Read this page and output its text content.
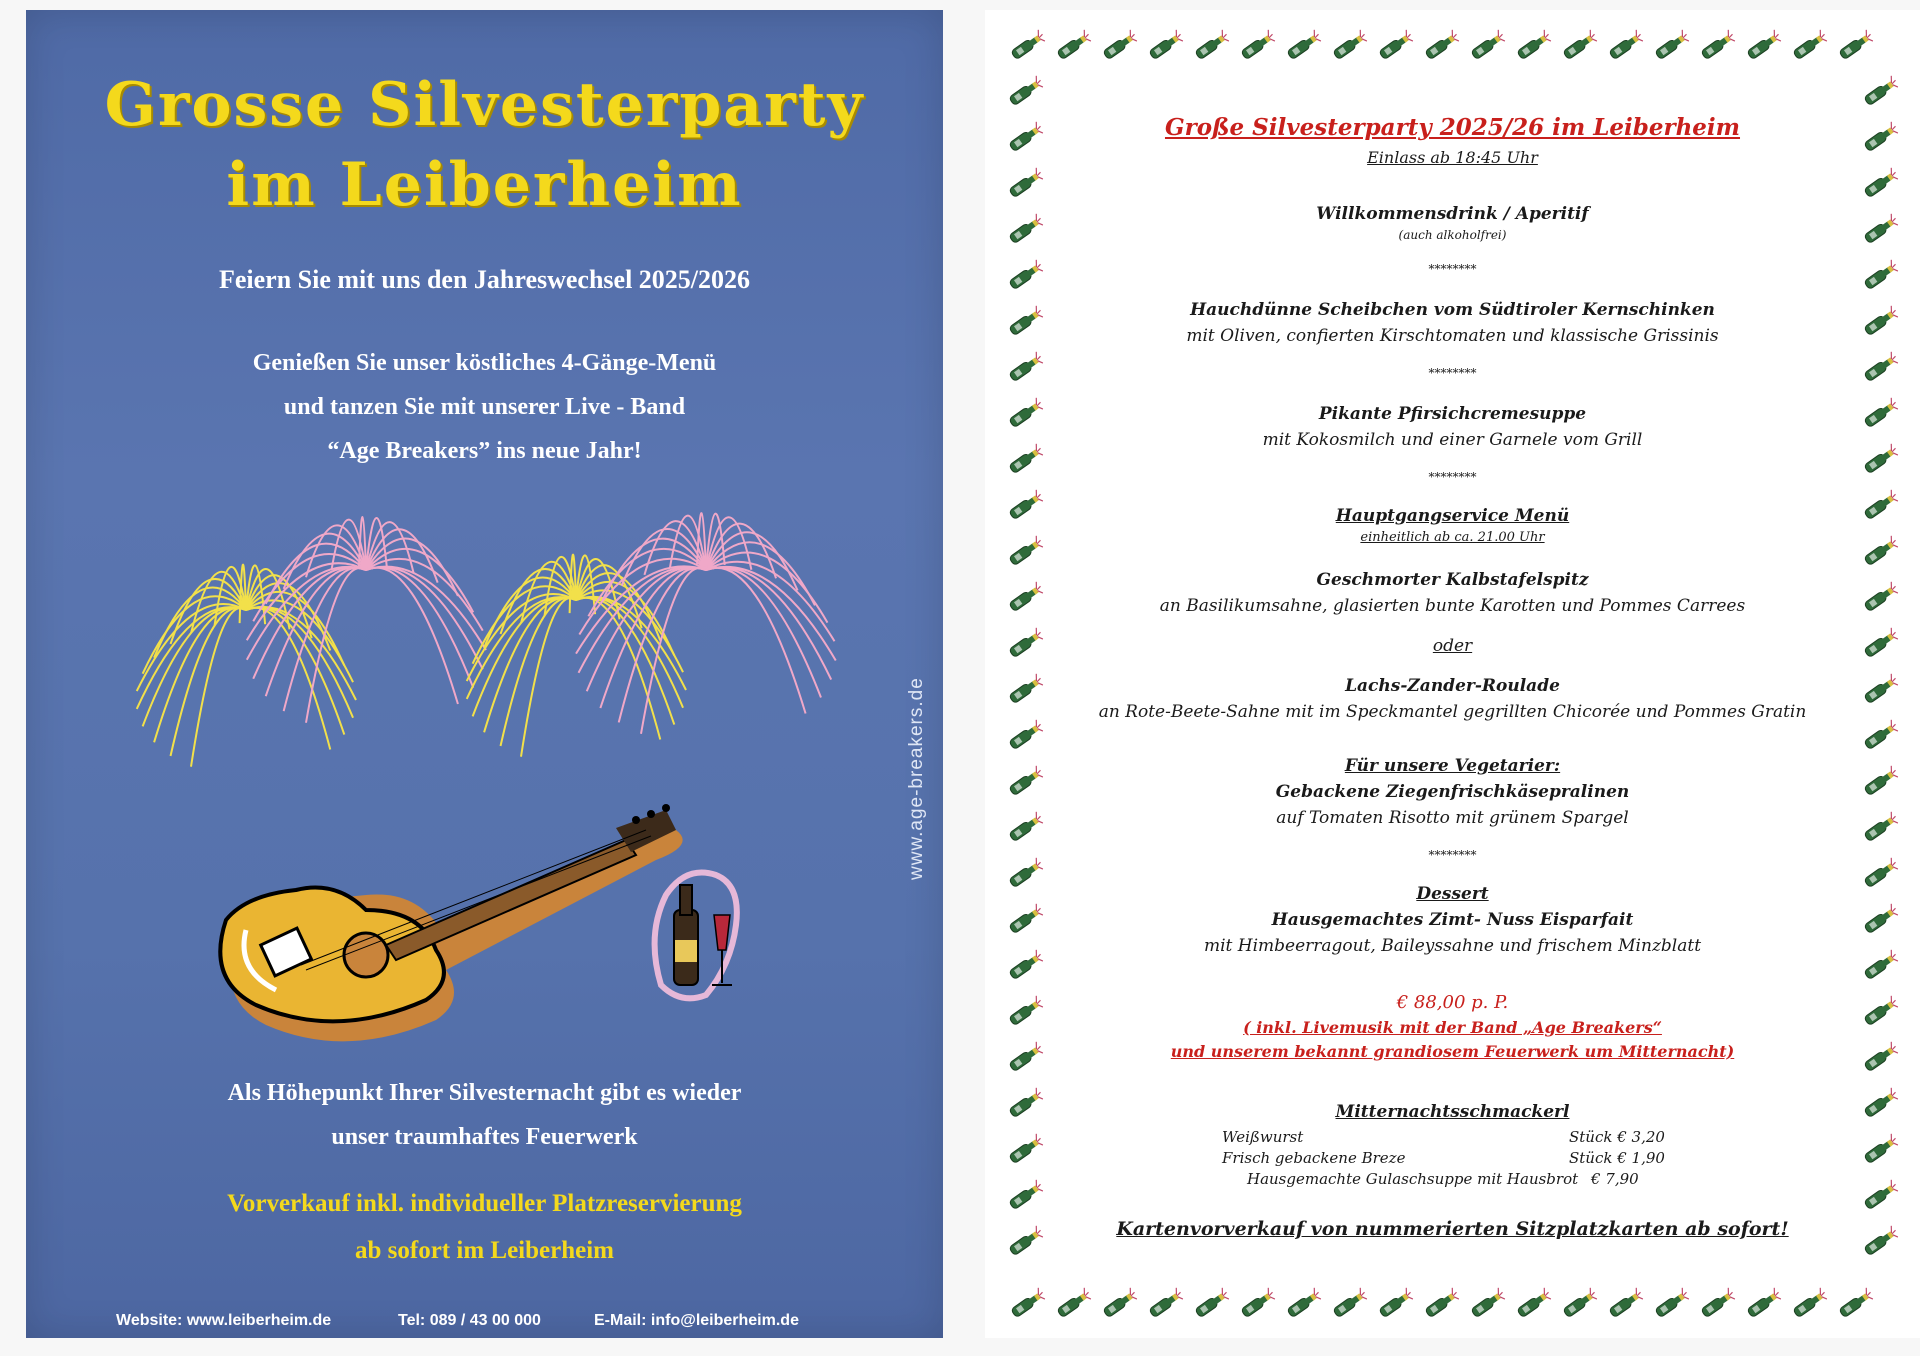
Grosse Silvesterparty
im Leiberheim
Feiern Sie mit uns den Jahreswechsel 2025/2026
Genießen Sie unser köstliches 4-Gänge-Menü
und tanzen Sie mit unserer Live - Band
“Age Breakers” ins neue Jahr!
www.age-breakers.de
Als Höhepunkt Ihrer Silvesternacht gibt es wieder
unser traumhaftes Feuerwerk
Vorverkauf inkl. individueller Platzreservierung
ab sofort im Leiberheim
Website: www.leiberheim.de	Tel: 089 / 43 00 000	E-Mail: info@leiberheim.de
Große Silvesterparty 2025/26 im Leiberheim
Einlass ab 18:45 Uhr
Willkommensdrink / Aperitif
(auch alkoholfrei)
********
Hauchdünne Scheibchen vom Südtiroler Kernschinken
mit Oliven, confierten Kirschtomaten und klassische Grissinis
********
Pikante Pfirsichcremesuppe
mit Kokosmilch und einer Garnele vom Grill
********
Hauptgangservice Menü
einheitlich ab ca. 21.00 Uhr
Geschmorter Kalbstafelspitz
an Basilikumsahne, glasierten bunte Karotten und Pommes Carrees
oder
Lachs-Zander-Roulade
an Rote-Beete-Sahne mit im Speckmantel gegrillten Chicorée und Pommes Gratin
Für unsere Vegetarier:
Gebackene Ziegenfrischkäsepralinen
auf Tomaten Risotto mit grünem Spargel
********
Dessert
Hausgemachtes Zimt- Nuss Eisparfait
mit Himbeerragout, Baileyssahne und frischem Minzblatt
€ 88,00 p. P.
( inkl. Livemusik mit der Band „Age Breakers“
und unserem bekannt grandiosem Feuerwerk um Mitternacht)
Mitternachtsschmackerl
Weißwurst	Stück € 3,20
Frisch gebackene Breze	Stück € 1,90
Hausgemachte Gulaschsuppe mit Hausbrot € 7,90
Kartenvorverkauf von nummerierten Sitzplatzkarten ab sofort!
